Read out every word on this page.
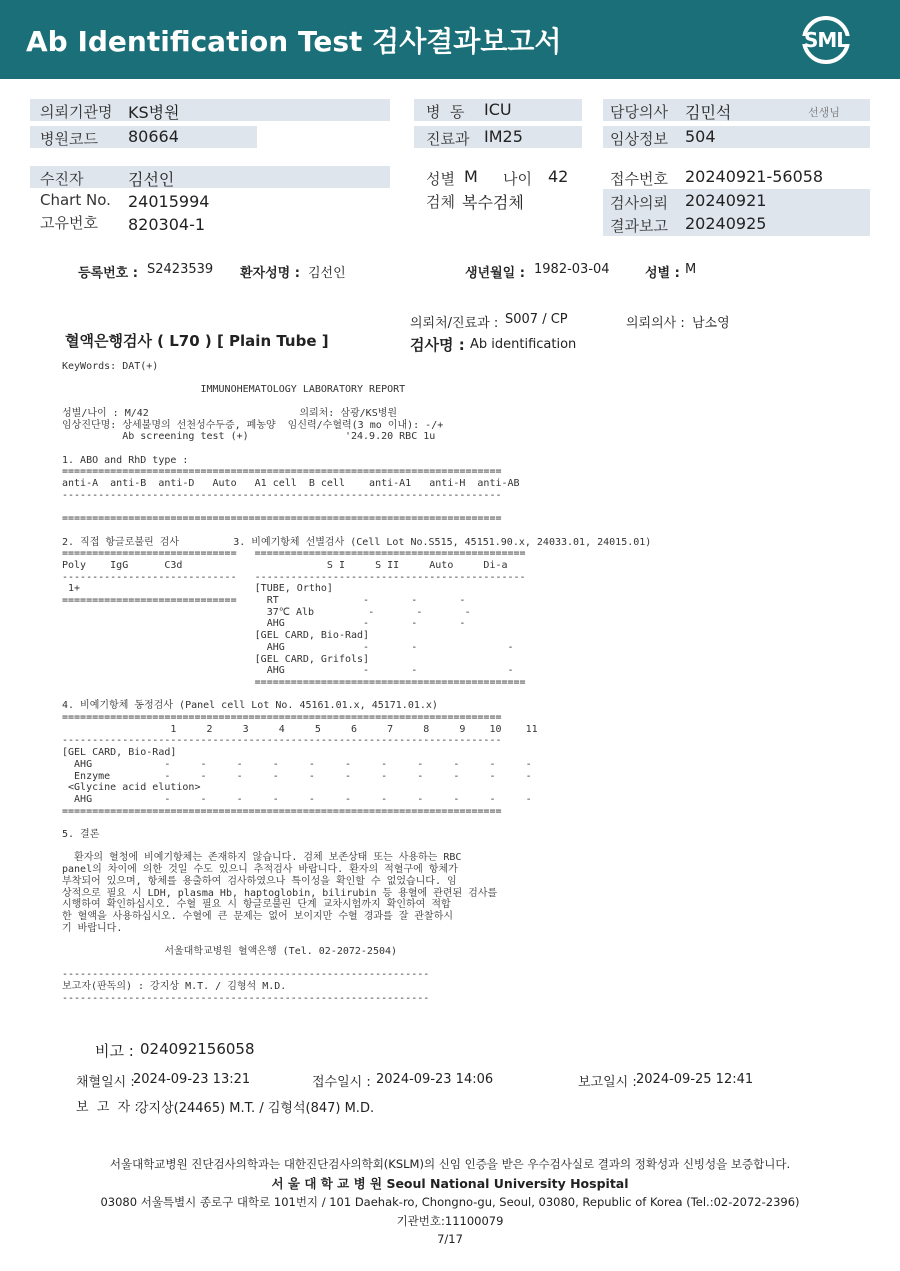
Ab Identification Test 검사결과보고서	SML
의뢰기관명 KS병원
병원코드 80664
병  동 ICU
진료과 IM25
담당의사 김민석	선생님
임상정보 504
수진자	김선인
Chart No. 24015994
고유번호 820304-1
성별 M 나이 42
검체 복수검체
접수번호 20240921-56058
검사의뢰 20240921
결과보고 20240925
등록번호 : S2423539 환자성명 : 김선인	생년월일 : 1982-03-04	성별 : M
의뢰처/진료과 : S007 / CP	의뢰의사 : 남소영
혈액은행검사 ( L70 ) [ Plain Tube ]	검사명 : Ab identification
KeyWords: DAT(+)
IMMUNOHEMATOLOGY LABORATORY REPORT
성별/나이 : M/42                         의뢰처: 삼광/KS병원
임상진단명: 상세불명의 선천성수두증, 폐농양  임신력/수혈력(3 mo 이내): -/+
Ab screening test (+)                '24.9.20 RBC 1u
1. ABO and RhD type :
=========================================================================
anti-A  anti-B  anti-D   Auto   A1 cell  B cell    anti-A1   anti-H  anti-AB
-------------------------------------------------------------------------
=========================================================================
2. 직접 항글로불린 검사         3. 비예기항체 선별검사 (Cell Lot No.S515, 45151.90.x, 24033.01, 24015.01)
=============================   =============================================
Poly    IgG      C3d                        S I     S II     Auto     Di-a
-----------------------------   ---------------------------------------------
1+                             [TUBE, Ortho]
=============================     RT              -       -       -
37℃ Alb         -       -       -
AHG             -       -       -
[GEL CARD, Bio-Rad]
AHG             -       -               -
[GEL CARD, Grifols]
AHG             -       -               -
=============================================
4. 비예기항체 동정검사 (Panel cell Lot No. 45161.01.x, 45171.01.x)
=========================================================================
1     2     3     4     5     6     7     8     9    10    11
-------------------------------------------------------------------------
[GEL CARD, Bio-Rad]
AHG            -     -     -     -     -     -     -     -     -     -     -
Enzyme         -     -     -     -     -     -     -     -     -     -     -
<Glycine acid elution>
AHG            -     -     -     -     -     -     -     -     -     -     -
=========================================================================
5. 결론
환자의 혈청에 비예기항체는 존재하지 않습니다. 검체 보존상태 또는 사용하는 RBC
panel의 차이에 의한 것일 수도 있으니 추적검사 바랍니다. 환자의 적혈구에 항체가
부착되어 있으며, 항체를 용출하여 검사하였으나 특이성을 확인할 수 없었습니다. 임
상적으로 필요 시 LDH, plasma Hb, haptoglobin, bilirubin 등 용혈에 관련된 검사를
시행하여 확인하십시오. 수혈 필요 시 항글로불린 단계 교차시험까지 확인하여 적합
한 혈액을 사용하십시오. 수혈에 큰 문제는 없어 보이지만 수혈 경과를 잘 관찰하시
기 바랍니다.
서울대학교병원 혈액은행 (Tel. 02-2072-2504)
-------------------------------------------------------------
보고자(판독의) : 강지상 M.T. / 김형석 M.D.
-------------------------------------------------------------
비고 : 024092156058
채혈일시 :
2024-09-23 13:21	접수일시 : 2024-09-23 14:06	보고일시 : 2024-09-25 12:41
보  고  자 :
강지상(24465) M.T. / 김형석(847) M.D.
서울대학교병원 진단검사의학과는 대한진단검사의학회(KSLM)의 신임 인증을 받은 우수검사실로 결과의 정확성과 신빙성을 보증합니다.
서 울 대 학 교 병 원 Seoul National University Hospital
03080 서울특별시 종로구 대학로 101번지 / 101 Daehak-ro, Chongno-gu, Seoul, 03080, Republic of Korea (Tel.:02-2072-2396)
기관번호:11100079
7/17
